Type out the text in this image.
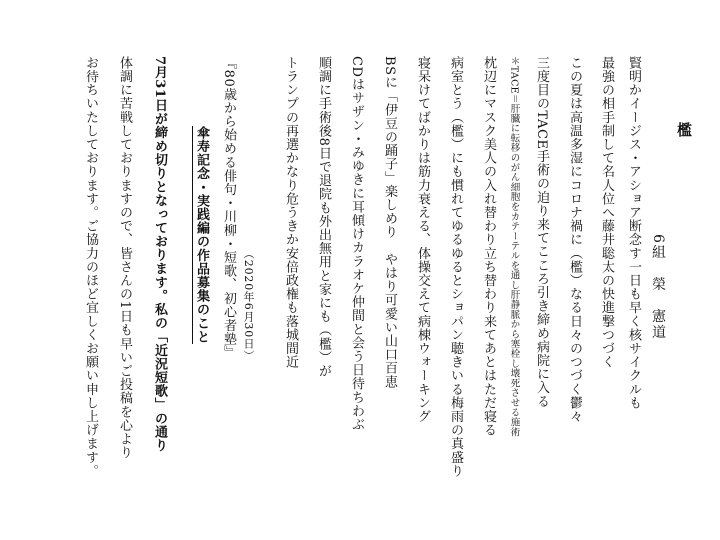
檻
6組　榮　憲道
賢明かイージス・アショア断念す一日も早く核サイクルも
最強の相手制して名人位へ藤井聡太の快進撃つづく
この夏は高温多湿にコロナ禍に（檻）なる日々のつづく鬱々
三度目のTACE手術の迫り来てこころ引き締め病院に入る
＊TACE＝肝臓に転移のがん細胞をカテーテルを通し肝静脈から塞栓し壊死させる施術
枕辺にマスク美人の入れ替わり立ち替わり来てあとはただ寝る
病室とう（檻）にも慣れてゆるゆるとショパン聴きいる梅雨の真盛り
寝呆けてばかりは筋力衰える、体操交えて病棟ウォーキング
BSに「伊豆の踊子」楽しめり　やはり可愛い山口百恵
CDはサザン・みゆきに耳傾けカラオケ仲間と会う日待ちわぶ
順調に手術後8日で退院も外出無用と家にも（檻）が
トランプの再選かなり危うきか安倍政権も落城間近
（2020年6月30日）
『80歳から始める俳句・川柳・短歌、初心者塾』
傘寿記念・実践編の作品募集のこと
7月31日が締め切りとなっております。私の「近況短歌」の通り
体調に苦戦しておりますので、皆さんの1日も早いご投稿を心より
お待ちいたしております。ご協力のほど宜しくお願い申し上げます。
